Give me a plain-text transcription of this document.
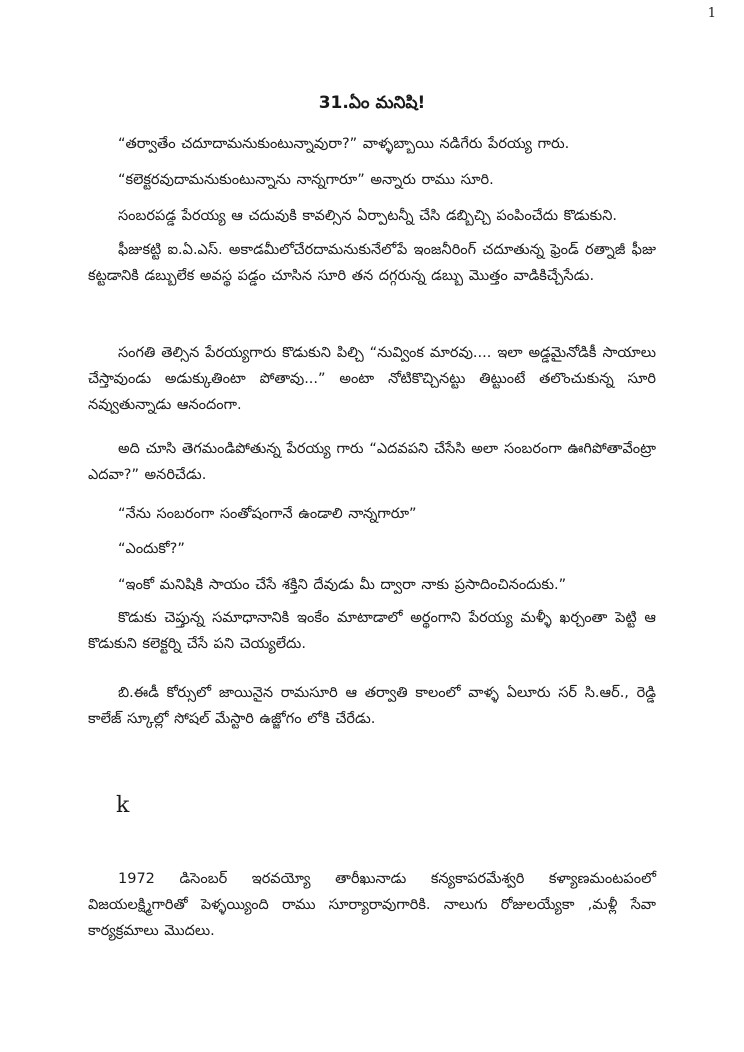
1
31.ఏం మనిషి!

“తర్వాతేం చదూదామనుకుంటున్నావురా?” వాళ్ళబ్బాయి నడిగేరు పేరయ్య గారు.

“కలెక్టరవుదామనుకుంటున్నాను నాన్నగారూ” అన్నారు రాము సూరి.

సంబరపడ్డ పేరయ్య ఆ చదువుకి కావల్సిన ఏర్పాటన్నీ చేసి డబ్బిచ్చి పంపించేదు కొడుకుని.

ఫీజుకట్టి ఐ.ఏ.ఎస్. అకాడమీలోచేరదామనుకునేలోపే ఇంజనీరింగ్ చదూతున్న ఫ్రెండ్ రత్నాజీ ఫీజు కట్టడానికి డబ్బులేక అవస్థ పడ్డం చూసిన సూరి తన దగ్గరున్న డబ్బు మొత్తం వాడికిచ్చేసేడు.

సంగతి తెల్సిన పేరయ్యగారు కొడుకుని పిల్చి “నువ్వింక మారవు.... ఇలా అడ్డమైనోడికీ సాయాలు చేస్తావుండు అడుక్కుతింటా పోతావు...” అంటా నోటికొచ్చినట్టు తిట్టుంటే తలొంచుకున్న సూరి నవ్వుతున్నాడు ఆనందంగా.

అది చూసి తెగమండిపోతున్న పేరయ్య గారు “ఎదవపని చేసేసి అలా సంబరంగా ఊగిపోతావేంట్రా ఎదవా?” అనరిచేడు.

“నేను సంబరంగా సంతోషంగానే ఉండాలి నాన్నగారూ”

“ఎందుకో?”

“ఇంకో మనిషికి సాయం చేసే శక్తిని దేవుడు మీ ద్వారా నాకు ప్రసాదించినందుకు.”

కొడుకు చెప్తున్న సమాధానానికి ఇంకేం మాటాడాలో అర్థంగాని పేరయ్య మళ్ళీ ఖర్చంతా పెట్టి ఆ కొడుకుని కలెక్టర్ని చేసే పని చెయ్యలేదు.

బి.ఈడీ కోర్సులో జాయినైన రామసూరి ఆ తర్వాతి కాలంలో వాళ్ళ ఏలూరు సర్ సి.ఆర్., రెడ్డి కాలేజ్ స్కూల్లో సోషల్ మేస్టారి ఉజ్జోగం లోకి చేరేడు.

k

1972 డిసెంబర్ ఇరవయ్యో తారీఖునాడు కన్యకాపరమేశ్వరి కళ్యాణమంటపంలో విజయలక్ష్మిగారితో పెళ్ళయ్యింది రాము సూర్యారావుగారికి. నాలుగు రోజులయ్యేకా ,మళ్లీ సేవా కార్యక్రమాలు మొదలు.
